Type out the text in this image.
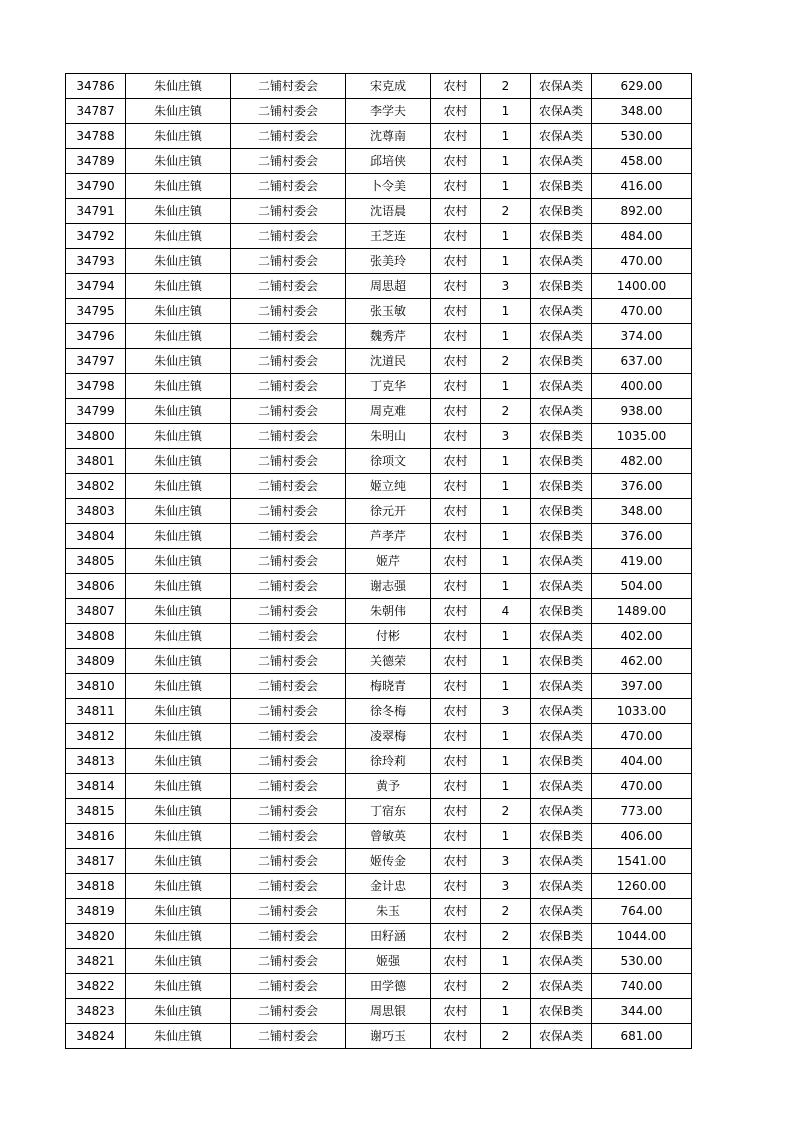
34786	朱仙庄镇	二铺村委会	宋克成	农村	2	农保A类	629.00
34787	朱仙庄镇	二铺村委会	李学夫	农村	1	农保A类	348.00
34788	朱仙庄镇	二铺村委会	沈尊南	农村	1	农保A类	530.00
34789	朱仙庄镇	二铺村委会	邱培侠	农村	1	农保A类	458.00
34790	朱仙庄镇	二铺村委会	卜令美	农村	1	农保B类	416.00
34791	朱仙庄镇	二铺村委会	沈语晨	农村	2	农保B类	892.00
34792	朱仙庄镇	二铺村委会	王芝连	农村	1	农保B类	484.00
34793	朱仙庄镇	二铺村委会	张美玲	农村	1	农保A类	470.00
34794	朱仙庄镇	二铺村委会	周思超	农村	3	农保B类	1400.00
34795	朱仙庄镇	二铺村委会	张玉敏	农村	1	农保A类	470.00
34796	朱仙庄镇	二铺村委会	魏秀芹	农村	1	农保A类	374.00
34797	朱仙庄镇	二铺村委会	沈道民	农村	2	农保B类	637.00
34798	朱仙庄镇	二铺村委会	丁克华	农村	1	农保A类	400.00
34799	朱仙庄镇	二铺村委会	周克难	农村	2	农保A类	938.00
34800	朱仙庄镇	二铺村委会	朱明山	农村	3	农保B类	1035.00
34801	朱仙庄镇	二铺村委会	徐项文	农村	1	农保B类	482.00
34802	朱仙庄镇	二铺村委会	姬立纯	农村	1	农保B类	376.00
34803	朱仙庄镇	二铺村委会	徐元开	农村	1	农保B类	348.00
34804	朱仙庄镇	二铺村委会	芦孝芹	农村	1	农保B类	376.00
34805	朱仙庄镇	二铺村委会	姬芹	农村	1	农保A类	419.00
34806	朱仙庄镇	二铺村委会	谢志强	农村	1	农保A类	504.00
34807	朱仙庄镇	二铺村委会	朱朝伟	农村	4	农保B类	1489.00
34808	朱仙庄镇	二铺村委会	付彬	农村	1	农保A类	402.00
34809	朱仙庄镇	二铺村委会	关德荣	农村	1	农保B类	462.00
34810	朱仙庄镇	二铺村委会	梅晓青	农村	1	农保A类	397.00
34811	朱仙庄镇	二铺村委会	徐冬梅	农村	3	农保A类	1033.00
34812	朱仙庄镇	二铺村委会	凌翠梅	农村	1	农保A类	470.00
34813	朱仙庄镇	二铺村委会	徐玲莉	农村	1	农保B类	404.00
34814	朱仙庄镇	二铺村委会	黄予	农村	1	农保A类	470.00
34815	朱仙庄镇	二铺村委会	丁宿东	农村	2	农保A类	773.00
34816	朱仙庄镇	二铺村委会	曾敏英	农村	1	农保B类	406.00
34817	朱仙庄镇	二铺村委会	姬传金	农村	3	农保A类	1541.00
34818	朱仙庄镇	二铺村委会	金计忠	农村	3	农保A类	1260.00
34819	朱仙庄镇	二铺村委会	朱玉	农村	2	农保A类	764.00
34820	朱仙庄镇	二铺村委会	田籽涵	农村	2	农保B类	1044.00
34821	朱仙庄镇	二铺村委会	姬强	农村	1	农保A类	530.00
34822	朱仙庄镇	二铺村委会	田学德	农村	2	农保A类	740.00
34823	朱仙庄镇	二铺村委会	周思银	农村	1	农保B类	344.00
34824	朱仙庄镇	二铺村委会	谢巧玉	农村	2	农保A类	681.00
